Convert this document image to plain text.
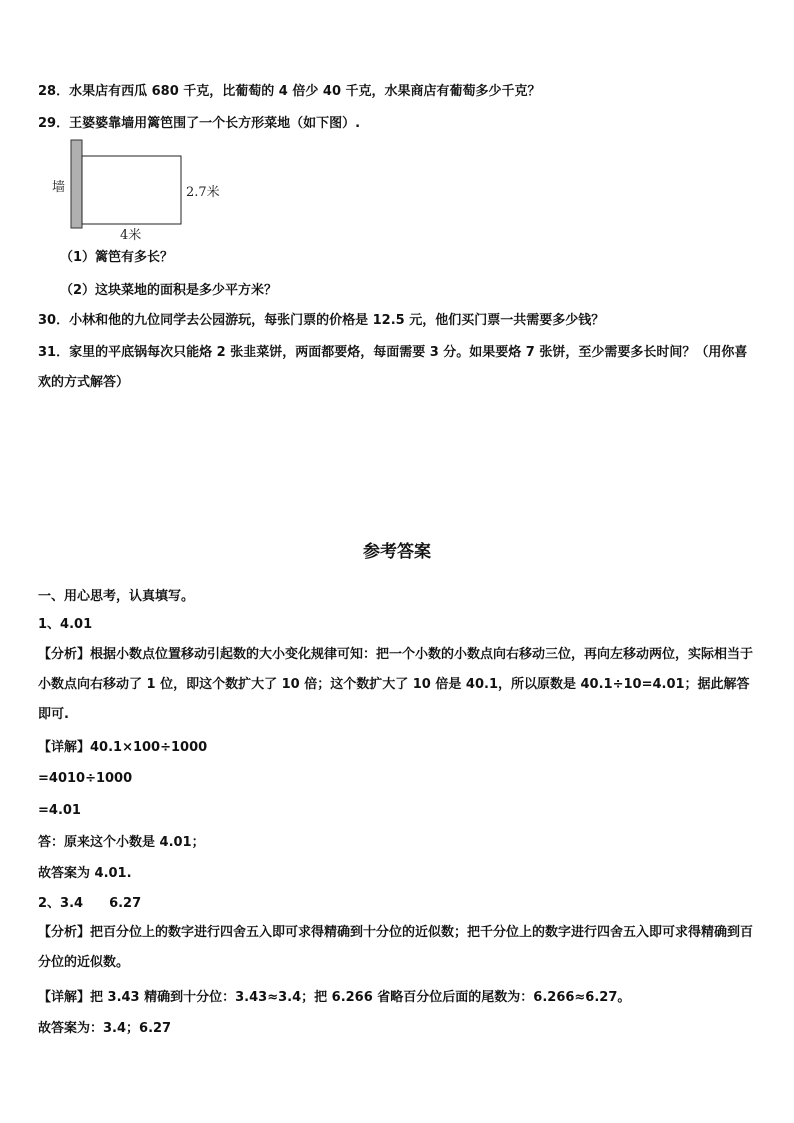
28．水果店有西瓜 680 千克，比葡萄的 4 倍少 40 千克，水果商店有葡萄多少千克？
29．王婆婆靠墙用篱笆围了一个长方形菜地（如下图）.
墙	2.7米
4米
（1）篱笆有多长？
（2）这块菜地的面积是多少平方米？
30．小林和他的九位同学去公园游玩，每张门票的价格是 12.5 元，他们买门票一共需要多少钱？
31．家里的平底锅每次只能烙 2 张韭菜饼，两面都要烙，每面需要 3 分。如果要烙 7 张饼，至少需要多长时间？（用你喜欢的方式解答）
参考答案
一、用心思考，认真填写。
1、4.01
【分析】根据小数点位置移动引起数的大小变化规律可知：把一个小数的小数点向右移动三位，再向左移动两位，实际相当于小数点向右移动了 1 位，即这个数扩大了 10 倍；这个数扩大了 10 倍是 40.1，所以原数是 40.1÷10=4.01；据此解答即可.
【详解】40.1×100÷1000
=4010÷1000
=4.01
答：原来这个小数是 4.01；
故答案为 4.01.
2、3.4　　6.27
【分析】把百分位上的数字进行四舍五入即可求得精确到十分位的近似数；把千分位上的数字进行四舍五入即可求得精确到百分位的近似数。
【详解】把 3.43 精确到十分位：3.43≈3.4；把 6.266 省略百分位后面的尾数为：6.266≈6.27。
故答案为：3.4；6.27
